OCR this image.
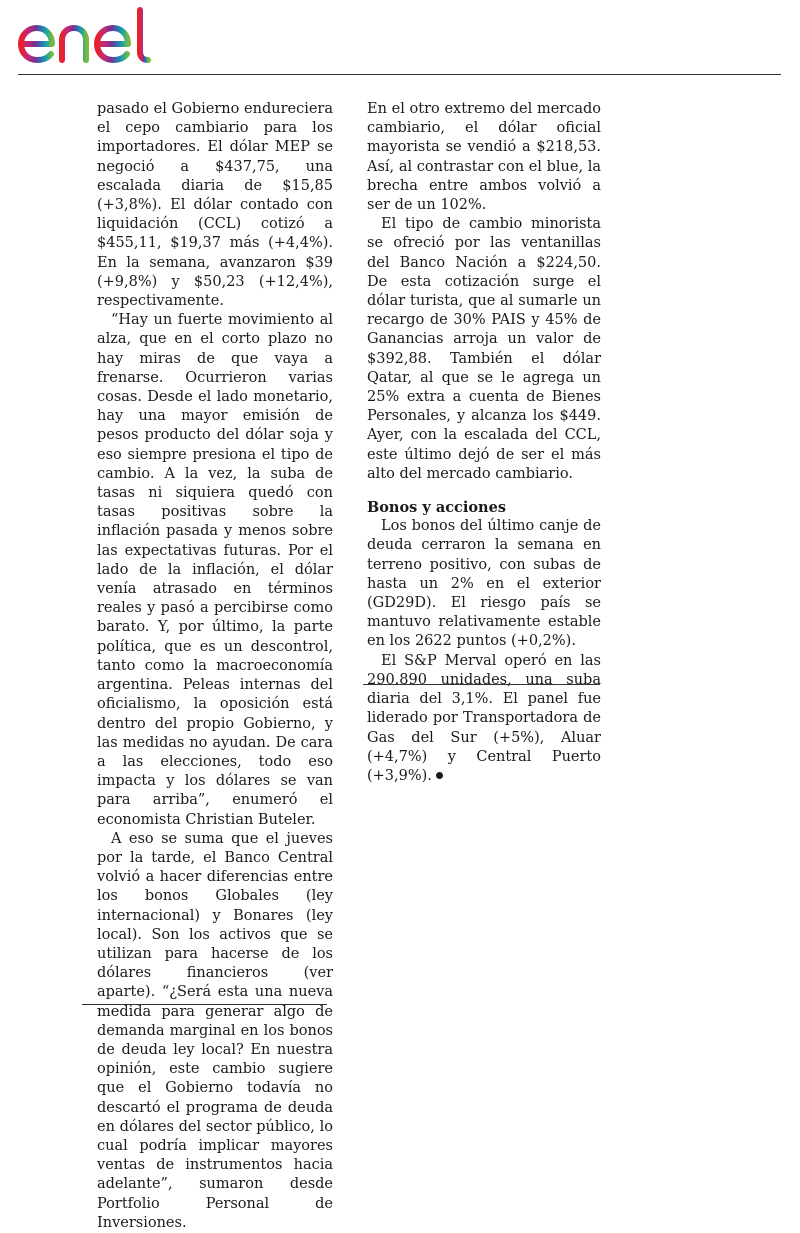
pasado el Gobierno endureciera el cepo cambiario para los importadores. El dólar MEP se negoció a $437,75, una escalada diaria de $15,85 (+3,8%). El dólar contado con liquidación (CCL) cotizó a $455,11, $19,37 más (+4,4%). En la semana, avanzaron $39 (+9,8%) y $50,23 (+12,4%), respectivamente.

“Hay un fuerte movimiento al alza, que en el corto plazo no hay miras de que vaya a frenarse. Ocurrieron varias cosas. Desde el lado monetario, hay una mayor emisión de pesos producto del dólar soja y eso siempre presiona el tipo de cambio. A la vez, la suba de tasas ni siquiera quedó con tasas positivas sobre la inflación pasada y menos sobre las expectativas futuras. Por el lado de la inflación, el dólar venía atrasado en términos reales y pasó a percibirse como barato. Y, por último, la parte política, que es un descontrol, tanto como la macroeconomía argentina. Peleas internas del oficialismo, la oposición está dentro del propio Gobierno, y las medidas no ayudan. De cara a las elecciones, todo eso impacta y los dólares se van para arriba”, enumeró el economista Christian Buteler.

A eso se suma que el jueves por la tarde, el Banco Central volvió a hacer diferencias entre los bonos Globales (ley internacional) y Bonares (ley local). Son los activos que se utilizan para hacerse de los dólares financieros (ver aparte). “¿Será esta una nueva medida para generar algo de demanda marginal en los bonos de deuda ley local? En nuestra opinión, este cambio sugiere que el Gobierno todavía no descartó el programa de deuda en dólares del sector público, lo cual podría implicar mayores ventas de instrumentos hacia adelante”, sumaron desde Portfolio Personal de Inversiones.

En el otro extremo del mercado cambiario, el dólar oficial mayorista se vendió a $218,53. Así, al contrastar con el blue, la brecha entre ambos volvió a ser de un 102%.

El tipo de cambio minorista se ofreció por las ventanillas del Banco Nación a $224,50. De esta cotización surge el dólar turista, que al sumarle un recargo de 30% PAIS y 45% de Ganancias arroja un valor de $392,88. También el dólar Qatar, al que se le agrega un 25% extra a cuenta de Bienes Personales, y alcanza los $449. Ayer, con la escalada del CCL, este último dejó de ser el más alto del mercado cambiario.

Bonos y acciones

Los bonos del último canje de deuda cerraron la semana en terreno positivo, con subas de hasta un 2% en el exterior (GD29D). El riesgo país se mantuvo relativamente estable en los 2622 puntos (+0,2%).

El S&P Merval operó en las 290.890 unidades, una suba diaria del 3,1%. El panel fue liderado por Transportadora de Gas del Sur (+5%), Aluar (+4,7%) y Central Puerto (+3,9%).
